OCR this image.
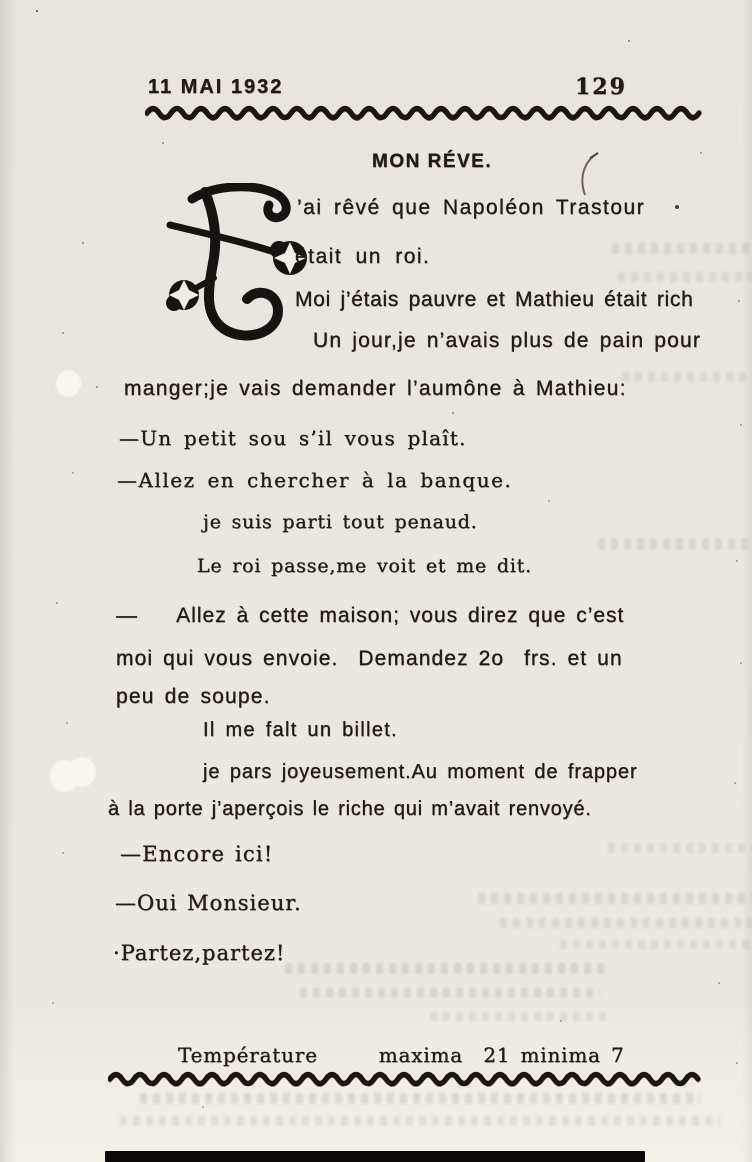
11 MAI 1932	129
MON RÉVE.
’ai rêvé que Napoléon Trastour
était un roi.
Moi j’étais pauvre et Mathieu était rich
Un jour,je n’avais plus de pain pour
manger;je vais demander l’aumône à Mathieu:
—Un petit sou s’il vous plaît.
—Allez en chercher à la banque.
je suis parti tout penaud.
Le roi passe,me voit et me dit.
—    Allez à cette maison; vous direz que c’est
moi qui vous envoie.  Demandez 2o  frs. et un
peu de soupe.
Il me falt un billet.
je pars joyeusement.Au moment de frapper
à la porte j’aperçois le riche qui m’avait renvoyé.
—Encore ici!
—Oui Monsieur.
·Partez,partez!
Température      maxima  21 minima 7
